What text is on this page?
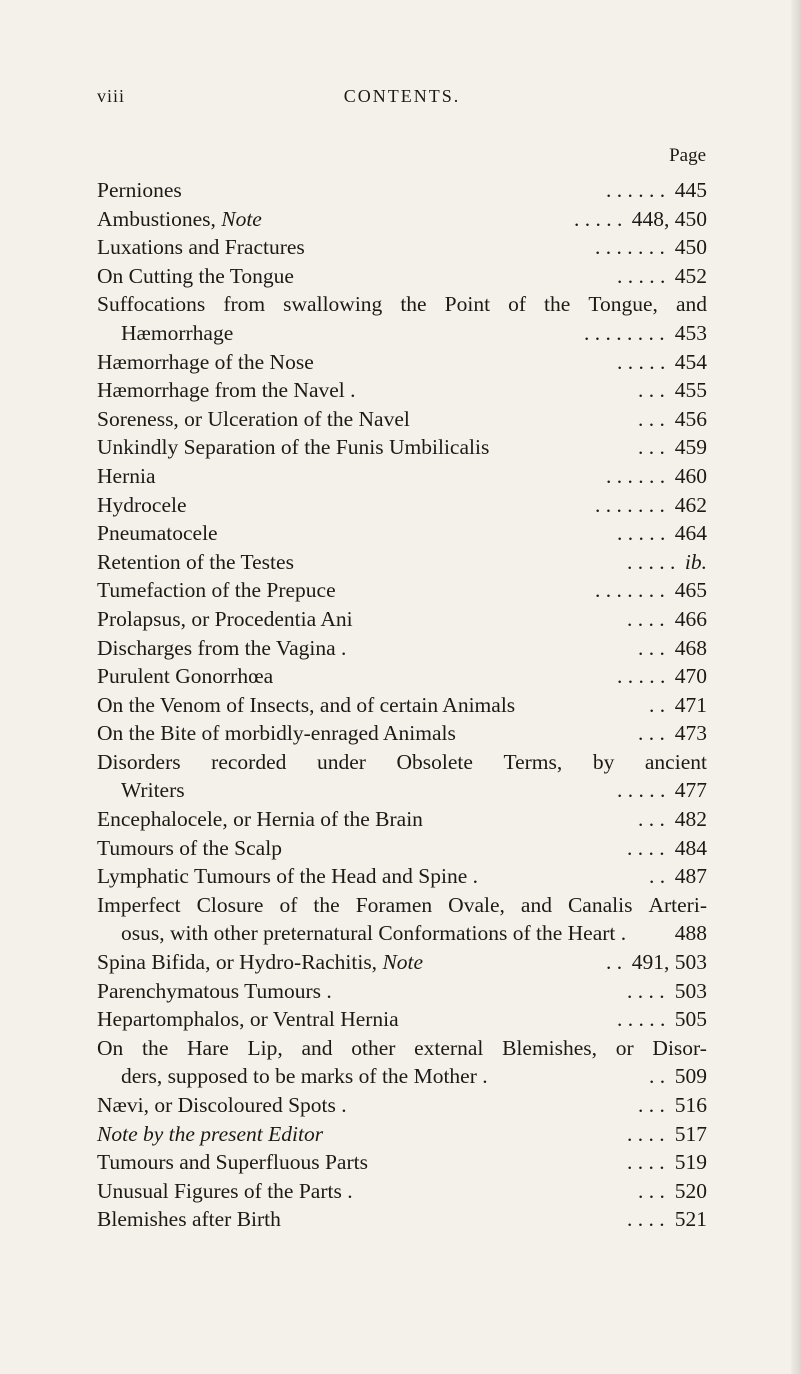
viii	CONTENTS.
Page
Perniones	445
. . . . . .
Ambustiones, Note	448, 450
. . . . .
Luxations and Fractures	450
. . . . . . .
On Cutting the Tongue	452
. . . . .
Suffocations from swallowing the Point of the Tongue, and
Hæmorrhage	453
. . . . . . . .
Hæmorrhage of the Nose	454
. . . . .
Hæmorrhage from the Navel .	455
. . .
Soreness, or Ulceration of the Navel	456
. . .
Unkindly Separation of the Funis Umbilicalis	459
. . .
Hernia	460
. . . . . .
Hydrocele	462
. . . . . . .
Pneumatocele	464
. . . . .
Retention of the Testes	ib.
. . . . .
Tumefaction of the Prepuce	465
. . . . . . .
Prolapsus, or Procedentia Ani	466
. . . .
Discharges from the Vagina .	468
. . .
Purulent Gonorrhœa	470
. . . . .
On the Venom of Insects, and of certain Animals	471
. .
On the Bite of morbidly-enraged Animals	473
. . .
Disorders recorded under Obsolete Terms, by ancient
Writers	477
. . . . .
Encephalocele, or Hernia of the Brain	482
. . .
Tumours of the Scalp	484
. . . .
Lymphatic Tumours of the Head and Spine .	487
. .
Imperfect Closure of the Foramen Ovale, and Canalis Arteri-
osus, with other preternatural Conformations of the Heart . 488
Spina Bifida, or Hydro-Rachitis, Note	491, 503
. .
Parenchymatous Tumours .	503
. . . .
Hepartomphalos, or Ventral Hernia	505
. . . . .
On the Hare Lip, and other external Blemishes, or Disor-
ders, supposed to be marks of the Mother .	509
. .
Nævi, or Discoloured Spots .	516
. . .
Note by the present Editor	517
. . . .
Tumours and Superfluous Parts	519
. . . .
Unusual Figures of the Parts .	520
. . .
Blemishes after Birth	521
. . . .
